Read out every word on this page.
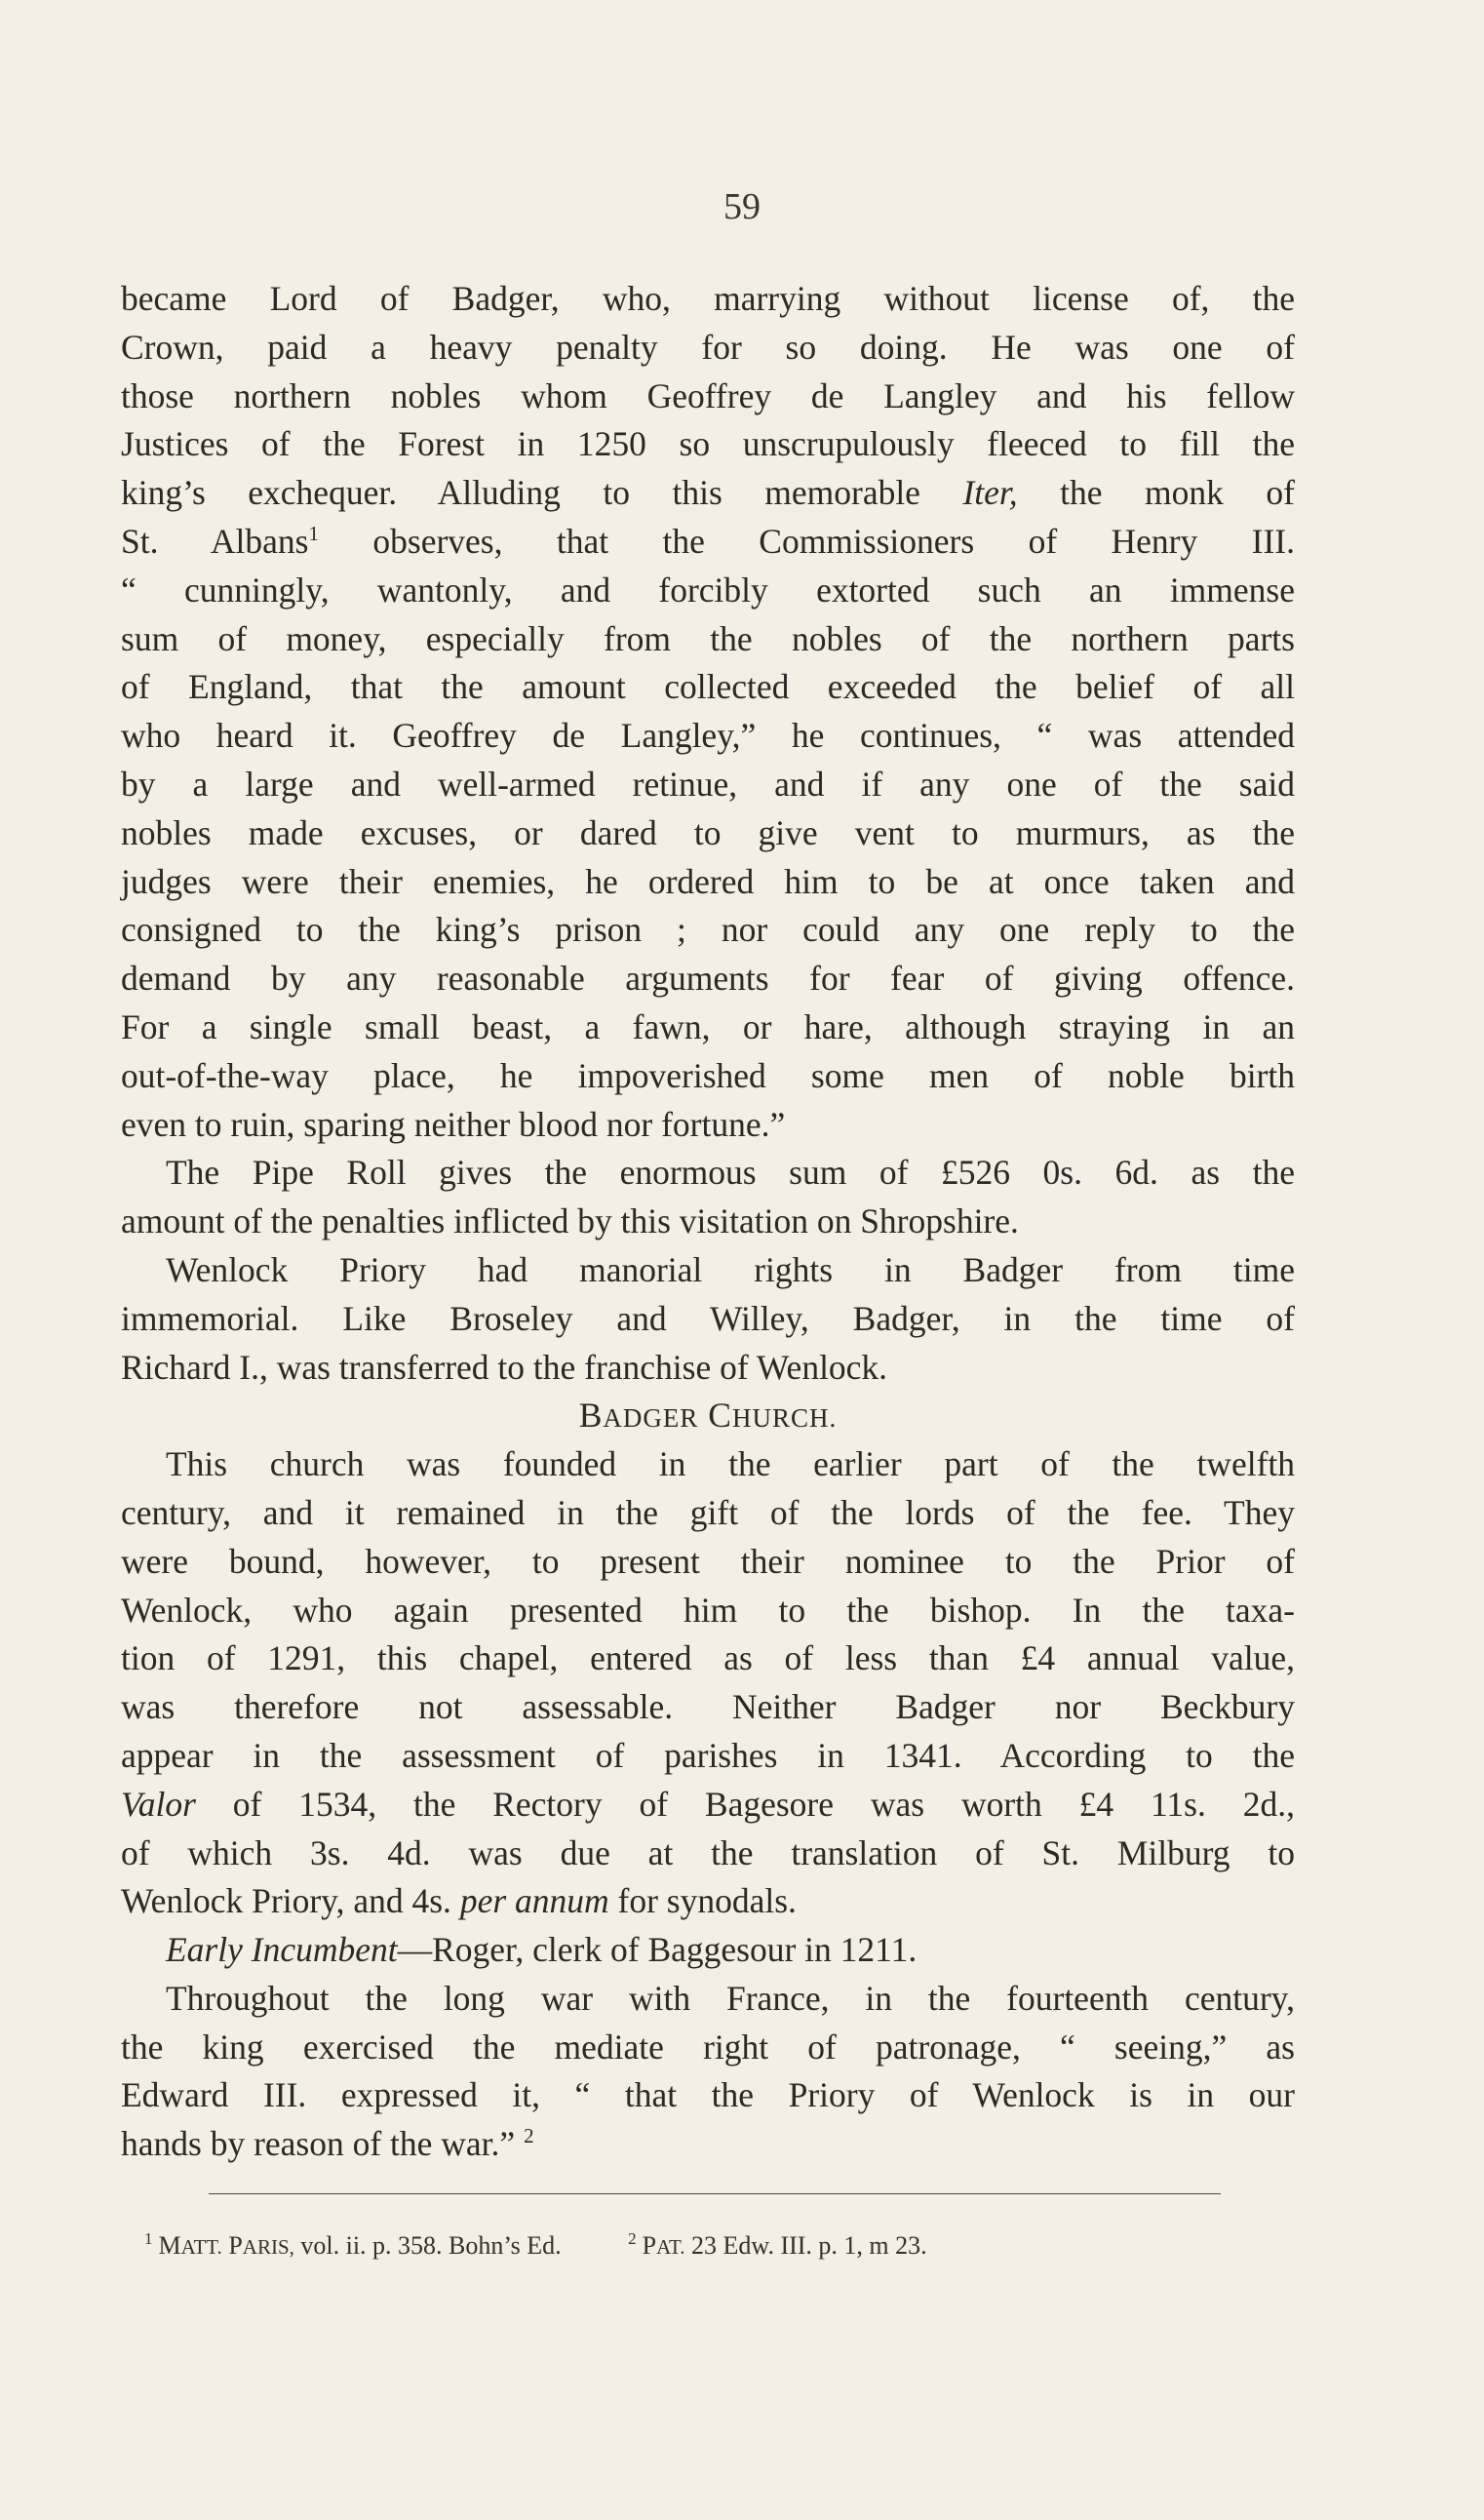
59

became Lord of Badger, who, marrying without license of, the
Crown, paid a heavy penalty for so doing. He was one of
those northern nobles whom Geoffrey de Langley and his fellow
Justices of the Forest in 1250 so unscrupulously fleeced to fill the
king’s exchequer. Alluding to this memorable Iter, the monk of
St. Albans$^1$ observes, that the Commissioners of Henry III.
“ cunningly, wantonly, and forcibly extorted such an immense
sum of money, especially from the nobles of the northern parts
of England, that the amount collected exceeded the belief of all
who heard it. Geoffrey de Langley,” he continues, “ was attended
by a large and well-armed retinue, and if any one of the said
nobles made excuses, or dared to give vent to murmurs, as the
judges were their enemies, he ordered him to be at once taken and
consigned to the king’s prison ; nor could any one reply to the
demand by any reasonable arguments for fear of giving offence.
For a single small beast, a fawn, or hare, although straying in an
out-of-the-way place, he impoverished some men of noble birth
even to ruin, sparing neither blood nor fortune.”

The Pipe Roll gives the enormous sum of £526 0s. 6d. as the
amount of the penalties inflicted by this visitation on Shropshire.

Wenlock Priory had manorial rights in Badger from time
immemorial. Like Broseley and Willey, Badger, in the time of
Richard I., was transferred to the franchise of Wenlock.

BADGER CHURCH.

This church was founded in the earlier part of the twelfth
century, and it remained in the gift of the lords of the fee. They
were bound, however, to present their nominee to the Prior of
Wenlock, who again presented him to the bishop. In the taxa-
tion of 1291, this chapel, entered as of less than £4 annual value,
was therefore not assessable. Neither Badger nor Beckbury
appear in the assessment of parishes in 1341. According to the
Valor of 1534, the Rectory of Bagesore was worth £4 11s. 2d.,
of which 3s. 4d. was due at the translation of St. Milburg to
Wenlock Priory, and 4s. per annum for synodals.

Early Incumbent—Roger, clerk of Baggesour in 1211.

Throughout the long war with France, in the fourteenth century,
the king exercised the mediate right of patronage, “ seeing,” as
Edward III. expressed it, “ that the Priory of Wenlock is in our
hands by reason of the war.” $^2$

$^1$ MATT. PARIS, vol. ii. p. 358. Bohn’s Ed.	$^2$ PAT. 23 Edw. III. p. 1, m 23.
